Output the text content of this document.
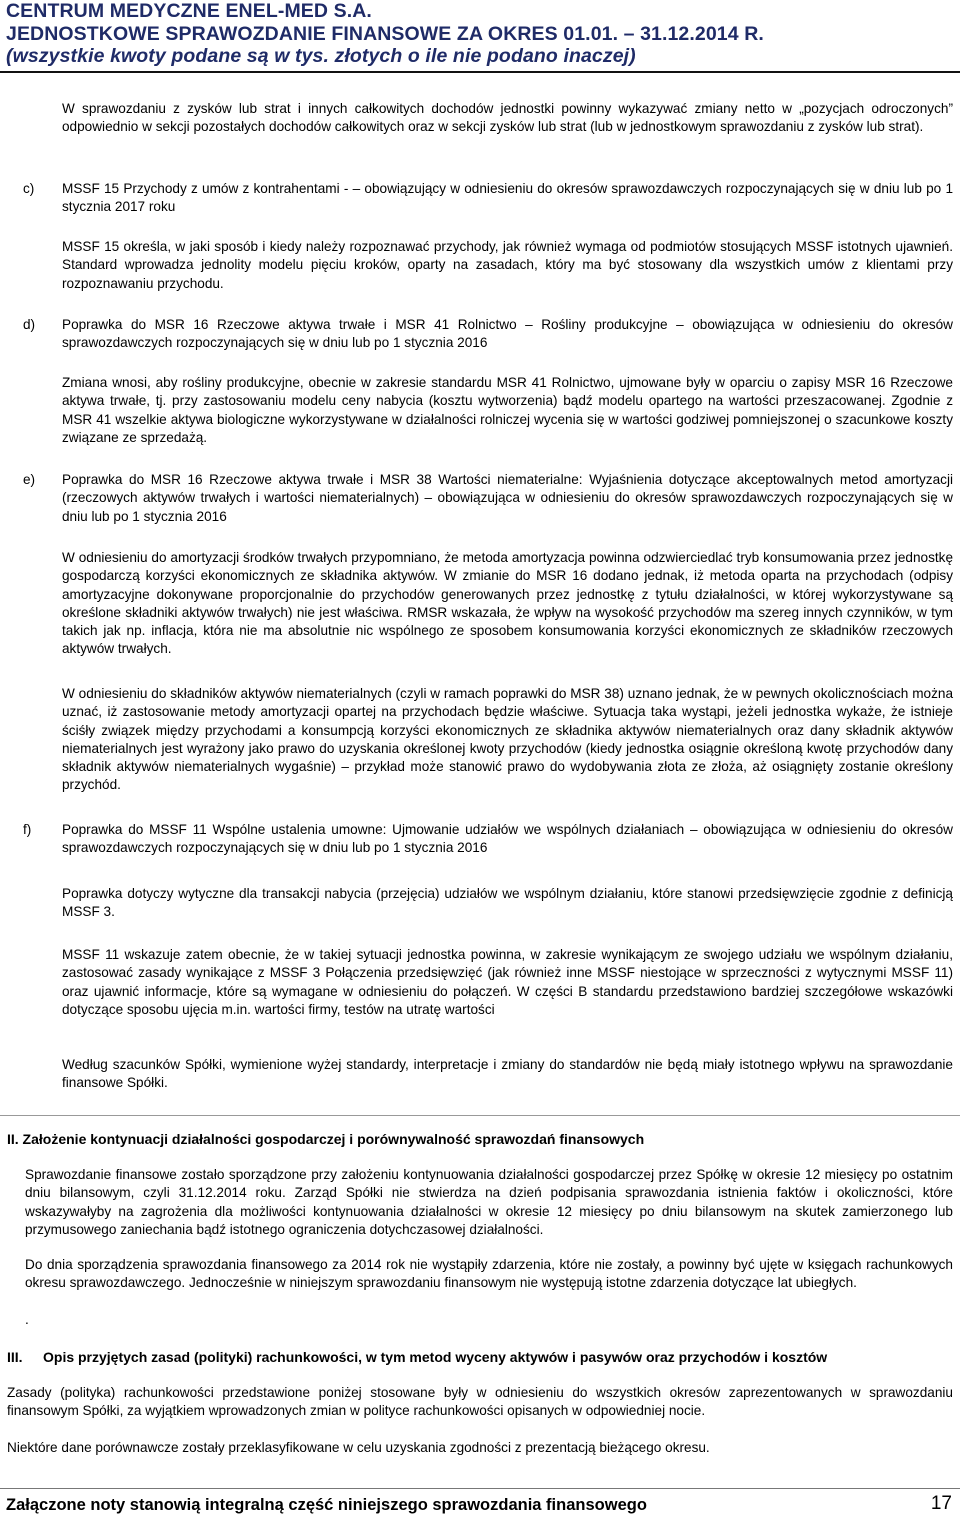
CENTRUM MEDYCZNE ENEL-MED S.A.
JEDNOSTKOWE SPRAWOZDANIE FINANSOWE ZA OKRES 01.01. – 31.12.2014 R.
(wszystkie kwoty podane są w tys. złotych o ile nie podano inaczej)

W sprawozdaniu z zysków lub strat i innych całkowitych dochodów jednostki powinny wykazywać zmiany netto w „pozycjach odroczonych” odpowiednio w sekcji pozostałych dochodów całkowitych oraz w sekcji zysków lub strat (lub w jednostkowym sprawozdaniu z zysków lub strat).

c) MSSF 15 Przychody z umów z kontrahentami - – obowiązujący w odniesieniu do okresów sprawozdawczych rozpoczynających się w dniu lub po 1 stycznia 2017 roku

MSSF 15 określa, w jaki sposób i kiedy należy rozpoznawać przychody, jak również wymaga od podmiotów stosujących MSSF istotnych ujawnień. Standard wprowadza jednolity modelu pięciu kroków, oparty na zasadach, który ma być stosowany dla wszystkich umów z klientami przy rozpoznawaniu przychodu.

d) Poprawka do MSR 16 Rzeczowe aktywa trwałe i MSR 41 Rolnictwo – Rośliny produkcyjne – obowiązująca w odniesieniu do okresów sprawozdawczych rozpoczynających się w dniu lub po 1 stycznia 2016

Zmiana wnosi, aby rośliny produkcyjne, obecnie w zakresie standardu MSR 41 Rolnictwo, ujmowane były w oparciu o zapisy MSR 16 Rzeczowe aktywa trwałe, tj. przy zastosowaniu modelu ceny nabycia (kosztu wytworzenia) bądź modelu opartego na wartości przeszacowanej. Zgodnie z MSR 41 wszelkie aktywa biologiczne wykorzystywane w działalności rolniczej wycenia się w wartości godziwej pomniejszonej o szacunkowe koszty związane ze sprzedażą.

e) Poprawka do MSR 16 Rzeczowe aktywa trwałe i MSR 38 Wartości niematerialne: Wyjaśnienia dotyczące akceptowalnych metod amortyzacji (rzeczowych aktywów trwałych i wartości niematerialnych) – obowiązująca w odniesieniu do okresów sprawozdawczych rozpoczynających się w dniu lub po 1 stycznia 2016

W odniesieniu do amortyzacji środków trwałych przypomniano, że metoda amortyzacja powinna odzwierciedlać tryb konsumowania przez jednostkę gospodarczą korzyści ekonomicznych ze składnika aktywów. W zmianie do MSR 16 dodano jednak, iż metoda oparta na przychodach (odpisy amortyzacyjne dokonywane proporcjonalnie do przychodów generowanych przez jednostkę z tytułu działalności, w której wykorzystywane są określone składniki aktywów trwałych) nie jest właściwa. RMSR wskazała, że wpływ na wysokość przychodów ma szereg innych czynników, w tym takich jak np. inflacja, która nie ma absolutnie nic wspólnego ze sposobem konsumowania korzyści ekonomicznych ze składników rzeczowych aktywów trwałych.

W odniesieniu do składników aktywów niematerialnych (czyli w ramach poprawki do MSR 38) uznano jednak, że w pewnych okolicznościach można uznać, iż zastosowanie metody amortyzacji opartej na przychodach będzie właściwe. Sytuacja taka wystąpi, jeżeli jednostka wykaże, że istnieje ściśły związek między przychodami a konsumpcją korzyści ekonomicznych ze składnika aktywów niematerialnych oraz dany składnik aktywów niematerialnych jest wyrażony jako prawo do uzyskania określonej kwoty przychodów (kiedy jednostka osiągnie określoną kwotę przychodów dany składnik aktywów niematerialnych wygaśnie) – przykład może stanowić prawo do wydobywania złota ze złoża, aż osiągnięty zostanie określony przychód.

f) Poprawka do MSSF 11 Wspólne ustalenia umowne: Ujmowanie udziałów we wspólnych działaniach – obowiązująca w odniesieniu do okresów sprawozdawczych rozpoczynających się w dniu lub po 1 stycznia 2016

Poprawka dotyczy wytyczne dla transakcji nabycia (przejęcia) udziałów we wspólnym działaniu, które stanowi przedsięwzięcie zgodnie z definicją MSSF 3.

MSSF 11 wskazuje zatem obecnie, że w takiej sytuacji jednostka powinna, w zakresie wynikającym ze swojego udziału we wspólnym działaniu, zastosować zasady wynikające z MSSF 3 Połączenia przedsięwzięć (jak również inne MSSF niestojące w sprzeczności z wytycznymi MSSF 11) oraz ujawnić informacje, które są wymagane w odniesieniu do połączeń. W części B standardu przedstawiono bardziej szczegółowe wskazówki dotyczące sposobu ujęcia m.in. wartości firmy, testów na utratę wartości

Według szacunków Spółki, wymienione wyżej standardy, interpretacje i zmiany do standardów nie będą miały istotnego wpływu na sprawozdanie finansowe Spółki.

II. Założenie kontynuacji działalności gospodarczej i porównywalność sprawozdań finansowych

Sprawozdanie finansowe zostało sporządzone przy założeniu kontynuowania działalności gospodarczej przez Spółkę w okresie 12 miesięcy po ostatnim dniu bilansowym, czyli 31.12.2014 roku. Zarząd Spółki nie stwierdza na dzień podpisania sprawozdania istnienia faktów i okoliczności, które wskazywałyby na zagrożenia dla możliwości kontynuowania działalności w okresie 12 miesięcy po dniu bilansowym na skutek zamierzonego lub przymusowego zaniechania bądź istotnego ograniczenia dotychczasowej działalności.

Do dnia sporządzenia sprawozdania finansowego za 2014 rok nie wystąpiły zdarzenia, które nie zostały, a powinny być ujęte w księgach rachunkowych okresu sprawozdawczego. Jednocześnie w niniejszym sprawozdaniu finansowym nie występują istotne zdarzenia dotyczące lat ubiegłych.

.
III. Opis przyjętych zasad (polityki) rachunkowości, w tym metod wyceny aktywów i pasywów oraz przychodów i kosztów

Zasady (polityka) rachunkowości przedstawione poniżej stosowane były w odniesieniu do wszystkich okresów zaprezentowanych w sprawozdaniu finansowym Spółki, za wyjątkiem wprowadzonych zmian w polityce rachunkowości opisanych w odpowiedniej nocie.

Niektóre dane porównawcze zostały przeklasyfikowane w celu uzyskania zgodności z prezentacją bieżącego okresu.

Załączone noty stanowią integralną część niniejszego sprawozdania finansowego	17
